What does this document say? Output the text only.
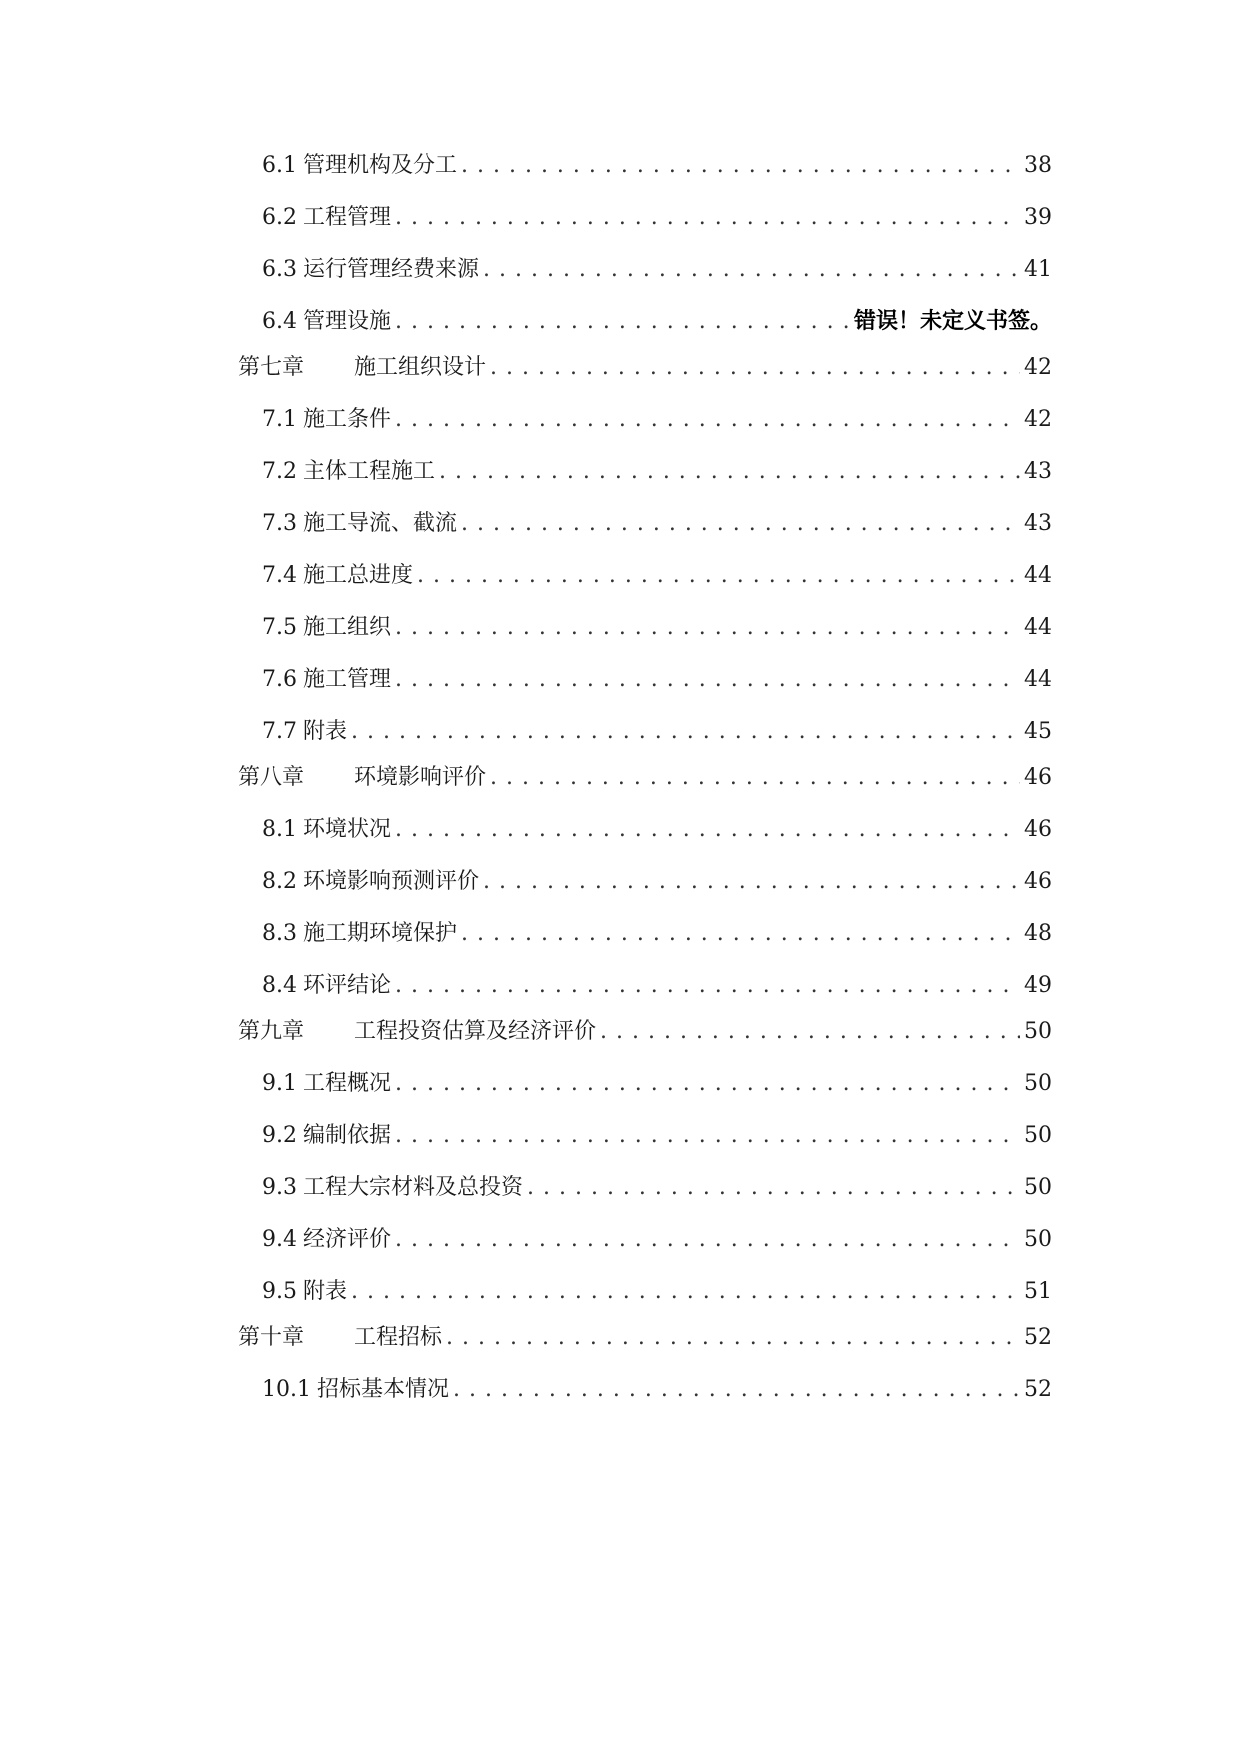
6.1 管理机构及分工 . . .	38
6.2 工程管理 . . .	39
6.3 运行管理经费来源 . . .	41
6.4 管理设施 . . .	错误！未定义书签。
第七章 施工组织设计 . . .	42
7.1 施工条件 . . .	42
7.2 主体工程施工 . . .	43
7.3 施工导流、截流 . . .	43
7.4 施工总进度 . . .	44
7.5 施工组织 . . .	44
7.6 施工管理 . . .	44
7.7 附表 . . .	45
第八章 环境影响评价 . . .	46
8.1 环境状况 . . .	46
8.2 环境影响预测评价 . . .	46
8.3 施工期环境保护 . . .	48
8.4 环评结论 . . .	49
第九章 工程投资估算及经济评价 . . .	50
9.1 工程概况 . . .	50
9.2 编制依据 . . .	50
9.3 工程大宗材料及总投资 . . .	50
9.4 经济评价 . . .	50
9.5 附表 . . .	51
第十章 工程招标 . . .	52
10.1 招标基本情况 . . .	52
